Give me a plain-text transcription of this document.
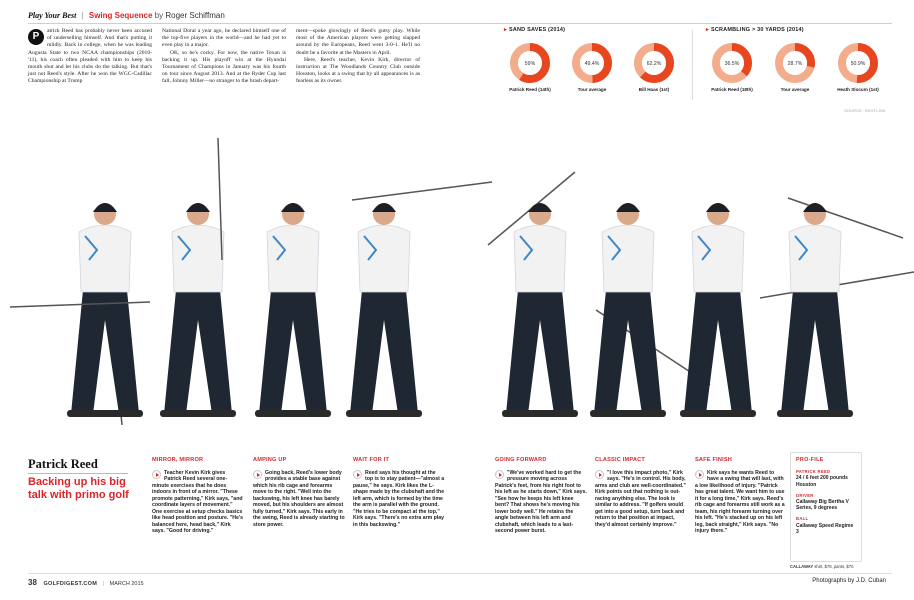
Play Your Best | Swing Sequence by Roger Schiffman
P	atrick Reed has probably never been accused of underselling himself. And that's putting it mildly. Back in college, when he was leading Augusta State to two NCAA championships (2010-'11), his coach often pleaded with him to keep his mouth shut and let his clubs do the talking. But that's just not Reed's style. After he won the WGC-Cadillac Championship at Trump
National Doral a year ago, he declared himself one of the top-five players in the world—and he had yet to even play in a major.
OK, so he's cocky. For now, the native Texan is backing it up. His playoff win at the Hyundai Tournament of Champions in January was his fourth on tour since August 2013. And at the Ryder Cup last fall, Johnny Miller—no stranger to the brash depart-
ment—spoke glowingly of Reed's gutsy play. While most of the American players were getting slapped around by the Europeans, Reed went 3-0-1. He'll no doubt be a favorite at the Masters in April.
Here, Reed's teacher, Kevin Kirk, director of instruction at The Woodlands Country Club outside Houston, looks at a swing that by all appearances is as fearless as its owner.
▸ SAND SAVES (2014)
59%
Patrick Reed (14th)
49.4%
Tour average
62.2%
Bill Haas (1st)
▸ SCRAMBLING > 30 YARDS (2014)
36.5%
Patrick Reed (18th)
28.7%
Tour average
50.9%
Heath Slocum (1st)
SOURCE: SHOTLINK
Patrick Reed
Backing up his big talk with primo golf
MIRROR, MIRROR
Teacher Kevin Kirk gives Patrick Reed several one-minute exercises that he does indoors in front of a mirror. "These promote patterning," Kirk says, "and coordinate layers of movement." One exercise at setup checks basics like head position and posture. "He's balanced here, head back," Kirk says. "Good for driving."
AMPING UP
Going back, Reed's lower body provides a stable base against which his rib cage and forearms move to the right. "Well into the backswing, his left knee has barely moved, but his shoulders are almost fully turned," Kirk says. This early in the swing, Reed is already starting to store power.
WAIT FOR IT
Reed says his thought at the top is to stay patient—"almost a pause," he says. Kirk likes the L-shape made by the clubshaft and the left arm, which is formed by the time the arm is parallel with the ground. "He tries to be compact at the top," Kirk says. "There's no extra arm play in this backswing."
GOING FORWARD
"We've worked hard to get the pressure moving across Patrick's feet, from his right foot to his left as he starts down," Kirk says. "See how he keeps his left knee bent? That shows he's moving his lower body well." He retains the angle between his left arm and clubshaft, which leads to a last-second power burst.
CLASSIC IMPACT
"I love this impact photo," Kirk says. "He's in control. His body, arms and club are well-coordinated." Kirk points out that nothing is out-racing anything else. The look is similar to address. "If golfers would get into a good setup, turn back and return to that position at impact, they'd almost certainly improve."
SAFE FINISH
Kirk says he wants Reed to have a swing that will last, with a low likelihood of injury. "Patrick has great talent. We want him to use it for a long time," Kirk says. Reed's rib cage and forearms still work as a team, his right forearm turning over his left. "He's stacked up on his left leg, back straight," Kirk says. "No injury there."
PRO-FILE
PATRICK REED
24 / 6 feet 200 pounds Houston
DRIVER
Callaway Big Bertha V Series, 9 degrees
BALL
Callaway Speed Regime 3
CALLAWAY shirt, $78, pants, $70
38 GOLFDIGEST.COM | MARCH 2015	Photographs by J.D. Cuban
